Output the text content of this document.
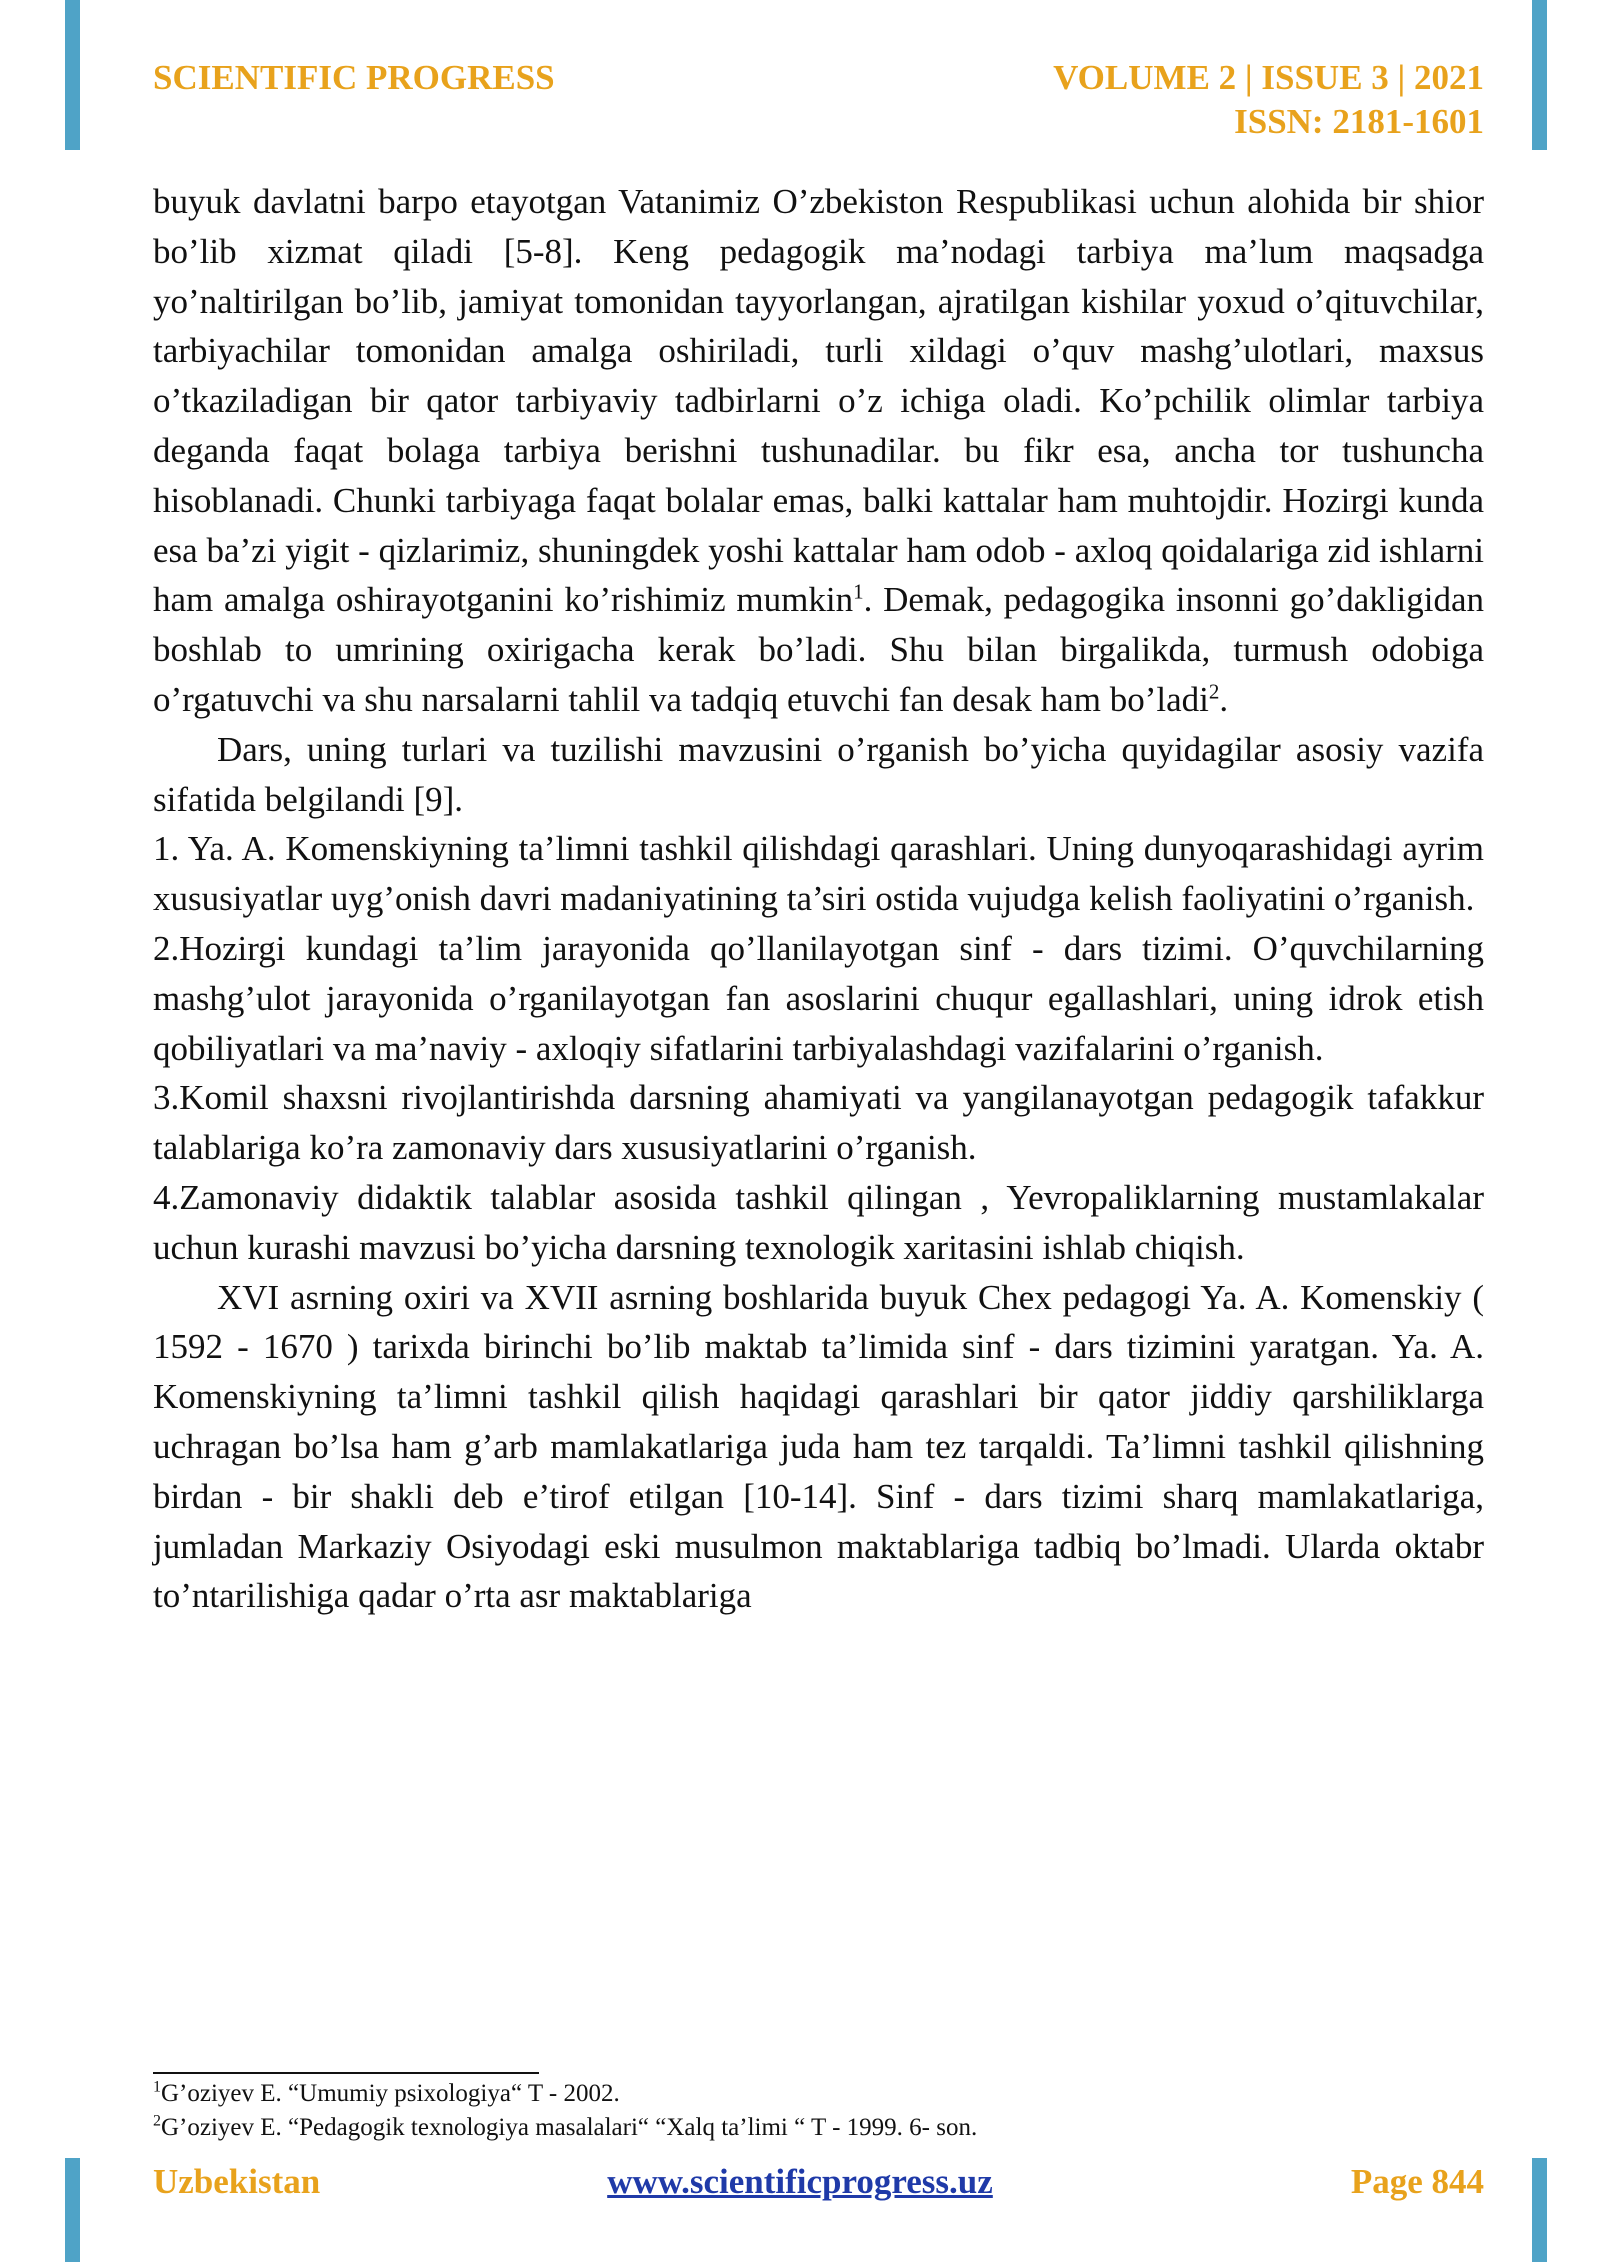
SCIENTIFIC PROGRESS	VOLUME 2 | ISSUE 3 | 2021
ISSN: 2181-1601

buyuk davlatni barpo etayotgan Vatanimiz O’zbekiston Respublikasi uchun alohida bir shior bo’lib xizmat qiladi [5-8]. Keng pedagogik ma’nodagi tarbiya ma’lum maqsadga yo’naltirilgan bo’lib, jamiyat tomonidan tayyorlangan, ajratilgan kishilar yoxud o’qituvchilar, tarbiyachilar tomonidan amalga oshiriladi, turli xildagi o’quv mashg’ulotlari, maxsus o’tkaziladigan bir qator tarbiyaviy tadbirlarni o’z ichiga oladi. Ko’pchilik olimlar tarbiya deganda faqat bolaga tarbiya berishni tushunadilar. bu fikr esa, ancha tor tushuncha hisoblanadi. Chunki tarbiyaga faqat bolalar emas, balki kattalar ham muhtojdir. Hozirgi kunda esa ba’zi yigit - qizlarimiz, shuningdek yoshi kattalar ham odob - axloq qoidalariga zid ishlarni ham amalga oshirayotganini ko’rishimiz mumkin$^1$. Demak, pedagogika insonni go’dakligidan boshlab to umrining oxirigacha kerak bo’ladi. Shu bilan birgalikda, turmush odobiga o’rgatuvchi va shu narsalarni tahlil va tadqiq etuvchi fan desak ham bo’ladi$^2$.

Dars, uning turlari va tuzilishi mavzusini o’rganish bo’yicha quyidagilar asosiy vazifa sifatida belgilandi [9].

1. Ya. A. Komenskiyning ta’limni tashkil qilishdagi qarashlari. Uning dunyoqarashidagi ayrim xususiyatlar uyg’onish davri madaniyatining ta’siri ostida vujudga kelish faoliyatini o’rganish.

2.Hozirgi kundagi ta’lim jarayonida qo’llanilayotgan sinf - dars tizimi. O’quvchilarning mashg’ulot jarayonida o’rganilayotgan fan asoslarini chuqur egallashlari, uning idrok etish qobiliyatlari va ma’naviy - axloqiy sifatlarini tarbiyalashdagi vazifalarini o’rganish.

3.Komil shaxsni rivojlantirishda darsning ahamiyati va yangilanayotgan pedagogik tafakkur talablariga ko’ra zamonaviy dars xususiyatlarini o’rganish.

4.Zamonaviy didaktik talablar asosida tashkil qilingan , Yevropaliklarning mustamlakalar uchun kurashi mavzusi bo’yicha darsning texnologik xaritasini ishlab chiqish.

XVI asrning oxiri va XVII asrning boshlarida buyuk Chex pedagogi Ya. A. Komenskiy ( 1592 - 1670 ) tarixda birinchi bo’lib maktab ta’limida sinf - dars tizimini yaratgan. Ya. A. Komenskiyning ta’limni tashkil qilish haqidagi qarashlari bir qator jiddiy qarshiliklarga uchragan bo’lsa ham g’arb mamlakatlariga juda ham tez tarqaldi. Ta’limni tashkil qilishning birdan - bir shakli deb e’tirof etilgan [10-14]. Sinf - dars tizimi sharq mamlakatlariga, jumladan Markaziy Osiyodagi eski musulmon maktablariga tadbiq bo’lmadi. Ularda oktabr to’ntarilishiga qadar o’rta asr maktablariga

$^1$G’oziyev E. “Umumiy psixologiya“ T - 2002.

$^2$G’oziyev E. “Pedagogik texnologiya masalalari“ “Xalq ta’limi “ T - 1999. 6- son.

Uzbekistan	www.scientificprogress.uz	Page 844
